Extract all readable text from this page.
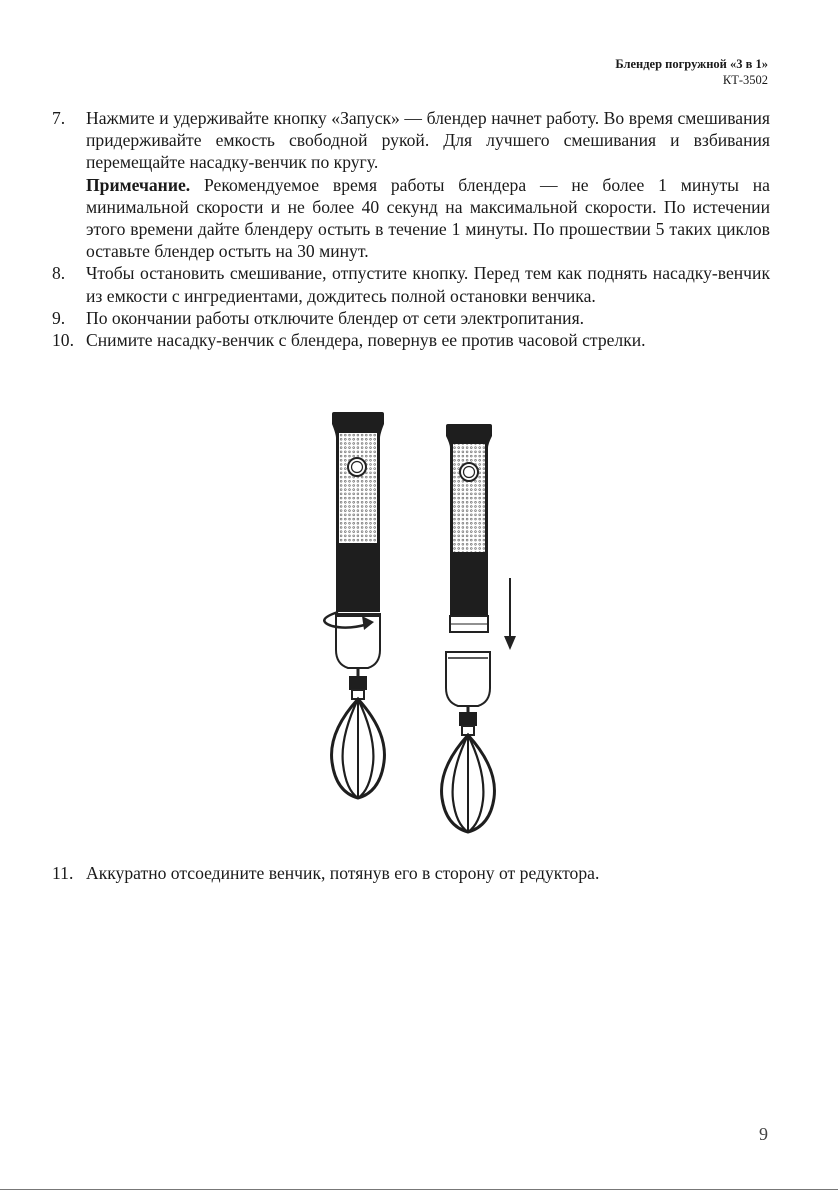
Блендер погружной «3 в 1»
КТ-3502
7. Нажмите и удерживайте кнопку «Запуск» — блендер начнет работу. Во время смешивания придерживайте емкость свободной рукой. Для лучшего смешивания и взбивания перемещайте насадку-венчик по кругу.

Примечание. Рекомендуемое время работы блендера — не более 1 минуты на минимальной скорости и не более 40 секунд на максимальной скорости. По истечении этого времени дайте блендеру остыть в течение 1 минуты. По прошествии 5 таких циклов оставьте блендер остыть на 30 минут.

8. Чтобы остановить смешивание, отпустите кнопку. Перед тем как поднять насадку-венчик из емкости с ингредиентами, дождитесь полной остановки венчика.

9. По окончании работы отключите блендер от сети электропитания.

10. Снимите насадку-венчик с блендера, повернув ее против часовой стрелки.

11. Аккуратно отсоедините венчик, потянув его в сторону от редуктора.
9
